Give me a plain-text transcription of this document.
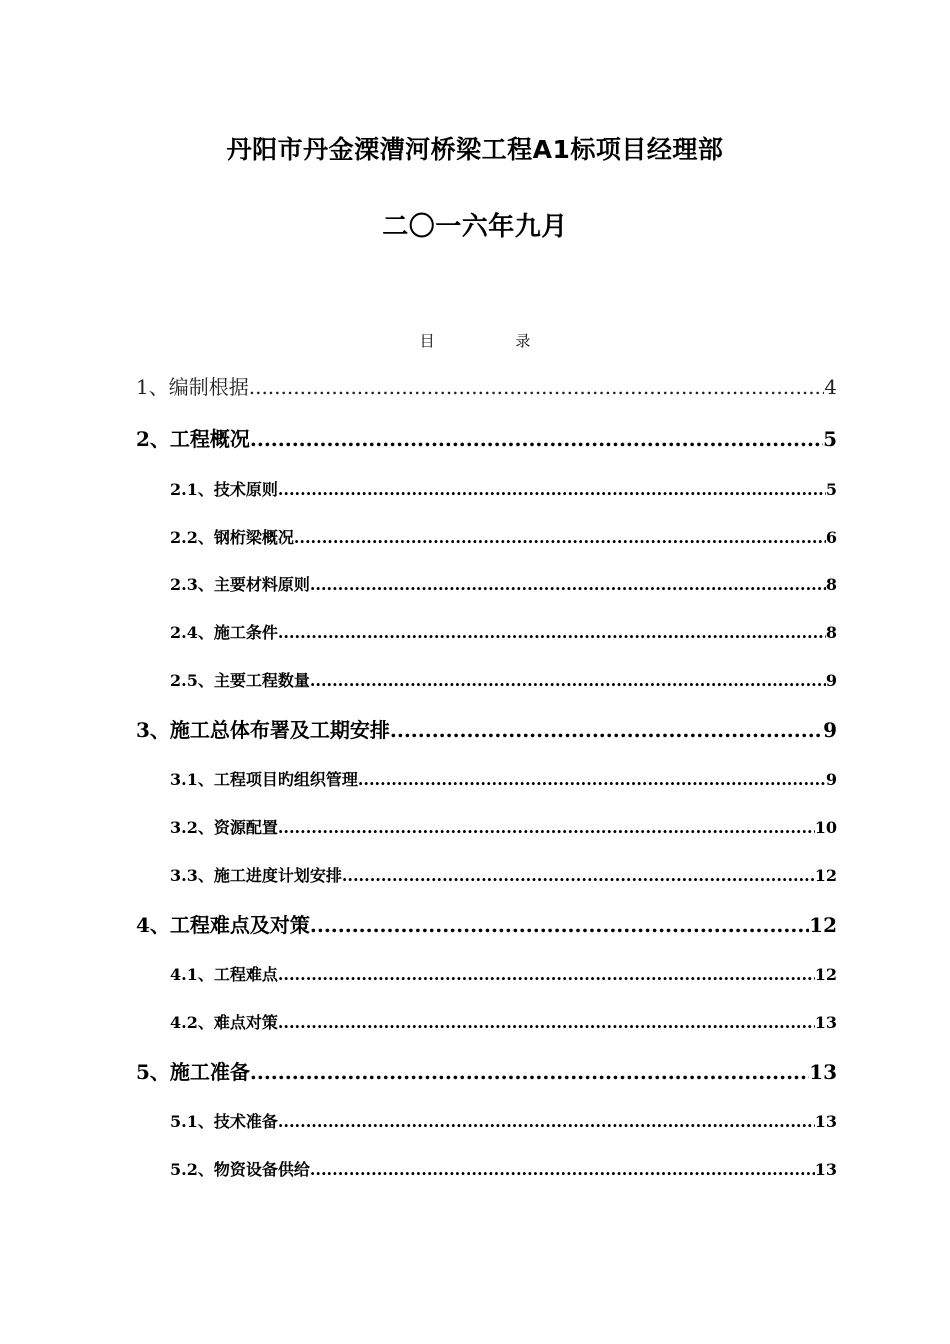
丹阳市丹金溧漕河桥梁工程A1标项目经理部
二〇一六年九月
目 录
1、编制根据 .....	4
2、工程概况 .....	5
2.1、技术原则 .....	5
2.2、钢桁梁概况 .....	6
2.3、主要材料原则 .....	8
2.4、施工条件 .....	8
2.5、主要工程数量 .....	9
3、施工总体布署及工期安排 .....	9
3.1、工程项目旳组织管理 .....	9
3.2、资源配置 .....	10
3.3、施工进度计划安排 .....	12
4、工程难点及对策 .....	12
4.1、工程难点 .....	12
4.2、难点对策 .....	13
5、施工准备 .....	13
5.1、技术准备 .....	13
5.2、物资设备供给 .....	13
